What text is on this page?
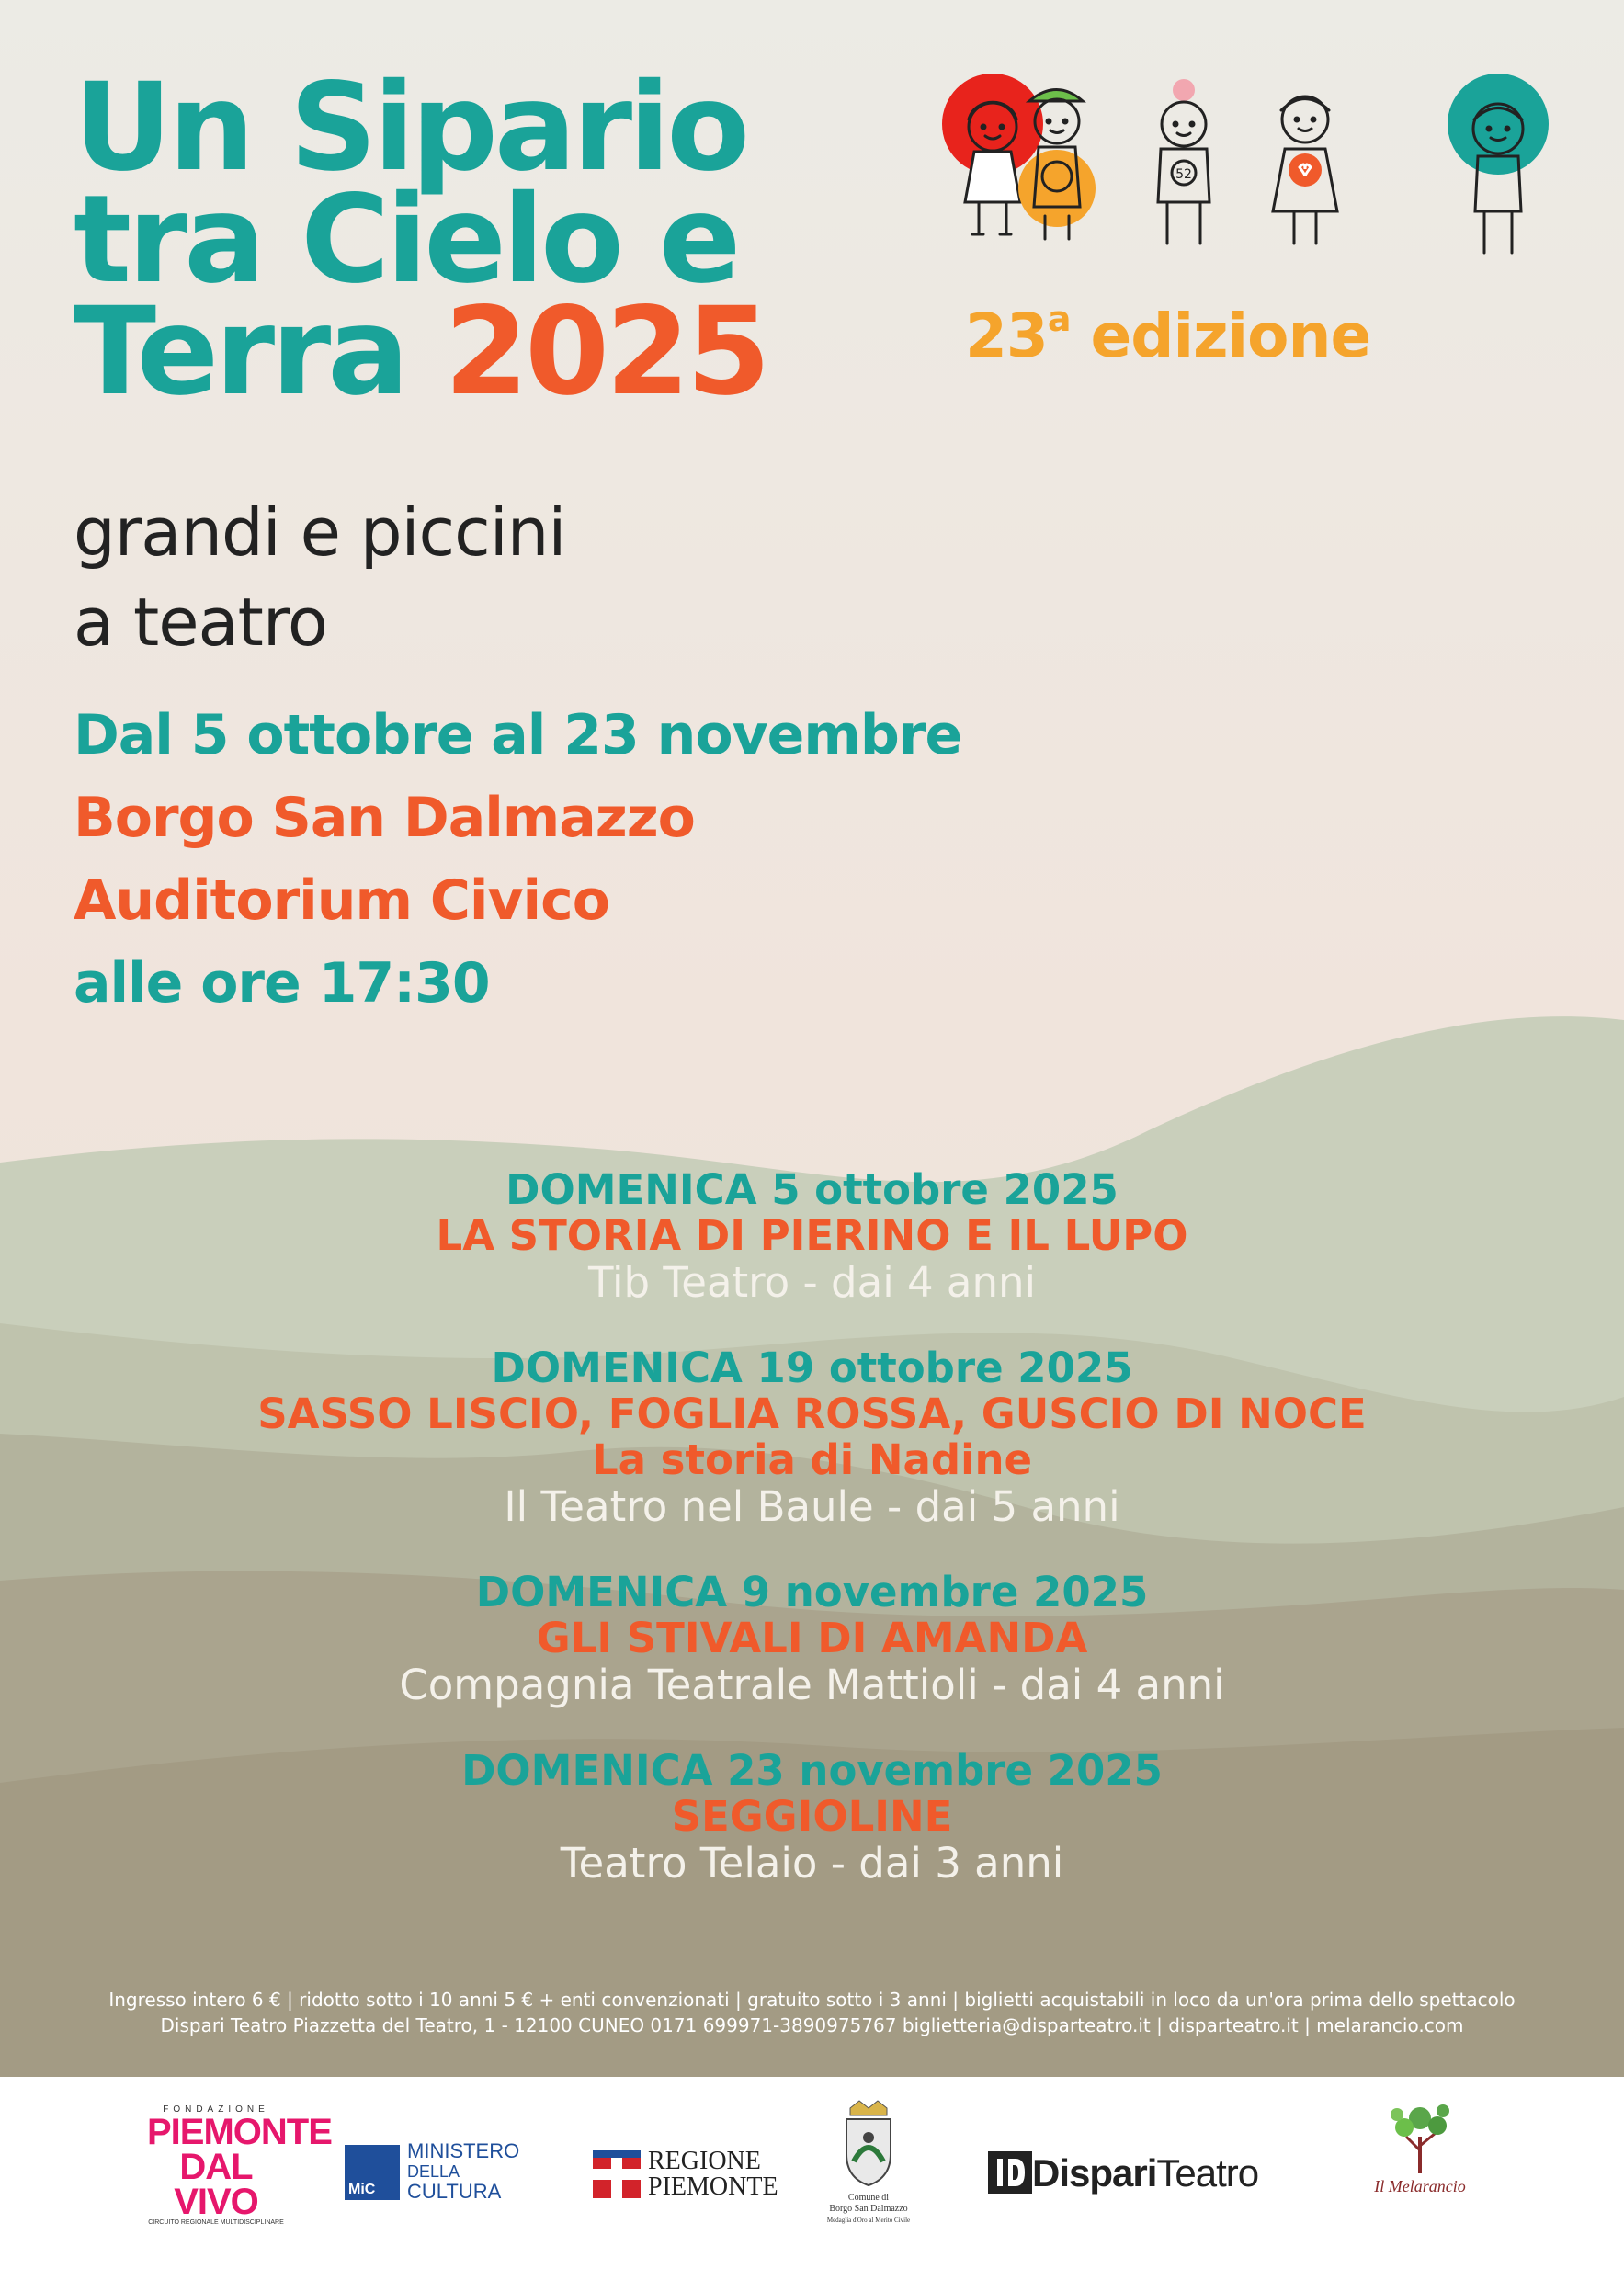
Un Sipario
tra Cielo e
Terra 2025
grandi e piccini
a teatro
Dal 5 ottobre al 23 novembre
Borgo San Dalmazzo
Auditorium Civico
alle ore 17:30
52
23$^a$ edizione
DOMENICA 5 ottobre 2025
LA STORIA DI PIERINO E IL LUPO
Tib Teatro - dai 4 anni
DOMENICA 19 ottobre 2025
SASSO LISCIO, FOGLIA ROSSA, GUSCIO DI NOCE
La storia di Nadine
Il Teatro nel Baule - dai 5 anni
DOMENICA 9 novembre 2025
GLI STIVALI DI AMANDA
Compagnia Teatrale Mattioli - dai 4 anni
DOMENICA 23 novembre 2025
SEGGIOLINE
Teatro Telaio - dai 3 anni
Ingresso intero 6 € | ridotto sotto i 10 anni 5 € + enti convenzionati | gratuito sotto i 3 anni | biglietti acquistabili in loco da un'ora prima dello spettacolo
Dispari Teatro Piazzetta del Teatro, 1 - 12100 CUNEO 0171 699971-3890975767 biglietteria@disparteatro.it | disparteatro.it | melarancio.com
FONDAZIONE
PIEMONTE
DAL VIVO
CIRCUITO REGIONALE MULTIDISCIPLINARE
MiC
MINISTERO
DELLA
CULTURA
REGIONE
PIEMONTE	Comune di
Borgo San Dalmazzo
Medaglia d'Oro al Merito Civile
DispariTeatro	Il Melarancio
